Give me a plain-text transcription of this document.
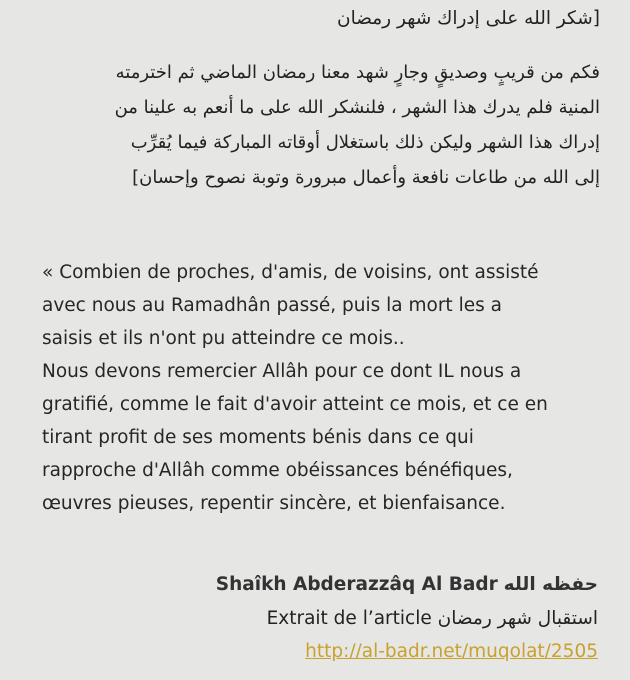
[شكر الله على إدراك شهر رمضان
فكم من قريبٍ وصديقٍ وجارٍ شهد معنا رمضان الماضي ثم اخترمته
المنية فلم يدرك هذا الشهر ، فلنشكر الله على ما أنعم به علينا من
إدراك هذا الشهر وليكن ذلك باستغلال أوقاته المباركة فيما يُقرِّب
إلى الله من طاعات نافعة وأعمال مبرورة وتوبة نصوح وإحسان]
« Combien de proches, d'amis, de voisins, ont assisté
avec nous au Ramadhân passé, puis la mort les a
saisis et ils n'ont pu atteindre ce mois..
Nous devons remercier Allâh pour ce dont IL nous a
gratifié, comme le fait d'avoir atteint ce mois, et ce en
tirant profit de ses moments bénis dans ce qui
rapproche d'Allâh comme obéissances bénéfiques,
œuvres pieuses, repentir sincère, et bienfaisance.
Shaîkh Abderazzâq Al Badr حفظه الله
Extrait de l’article استقبال شهر رمضان
http://al-badr.net/muqolat/2505
